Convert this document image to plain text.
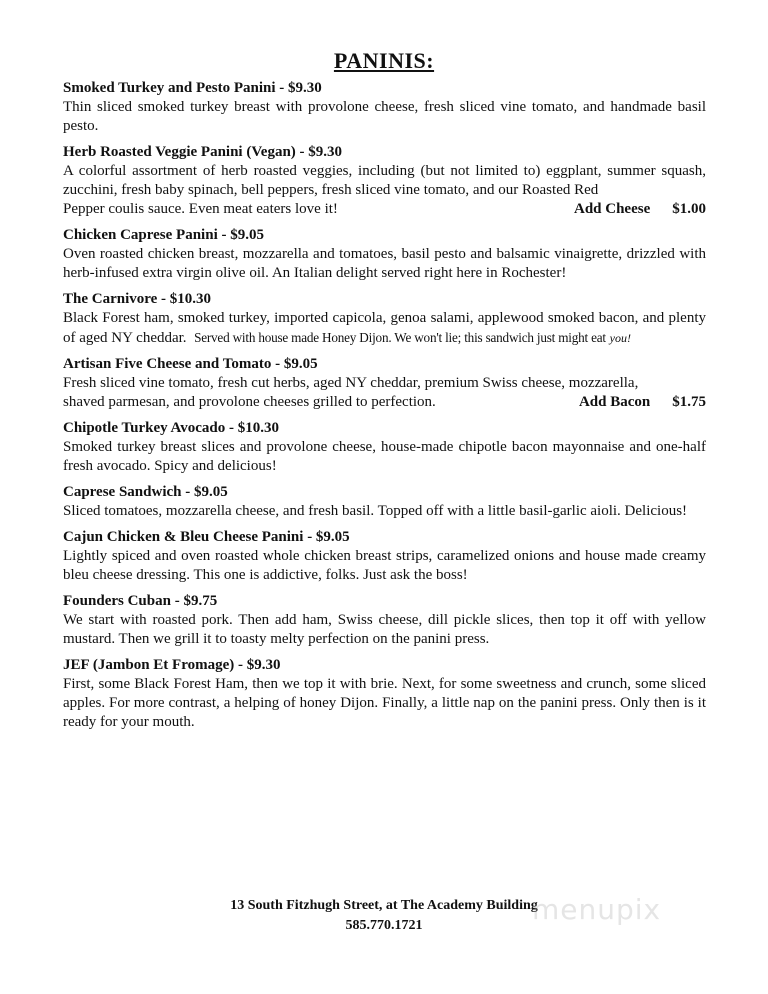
PANINIS:
Smoked Turkey and Pesto Panini - $9.30
Thin sliced smoked turkey breast with provolone cheese, fresh sliced vine tomato, and handmade basil pesto.
Herb Roasted Veggie Panini (Vegan) - $9.30
A colorful assortment of herb roasted veggies, including (but not limited to) eggplant, summer squash, zucchini, fresh baby spinach, bell peppers, fresh sliced vine tomato, and our Roasted Red
Pepper coulis sauce. Even meat eaters love it!	Add Cheese $1.00
Chicken Caprese Panini - $9.05
Oven roasted chicken breast, mozzarella and tomatoes, basil pesto and balsamic vinaigrette, drizzled with herb-infused extra virgin olive oil. An Italian delight served right here in Rochester!
The Carnivore - $10.30
Black Forest ham, smoked turkey, imported capicola, genoa salami, applewood smoked bacon, and plenty of aged NY cheddar. Served with house made Honey Dijon. We won't lie; this sandwich just might eat you!
Artisan Five Cheese and Tomato - $9.05
Fresh sliced vine tomato, fresh cut herbs, aged NY cheddar, premium Swiss cheese, mozzarella,
shaved parmesan, and provolone cheeses grilled to perfection.	Add Bacon $1.75
Chipotle Turkey Avocado - $10.30
Smoked turkey breast slices and provolone cheese, house-made chipotle bacon mayonnaise and one-half fresh avocado. Spicy and delicious!
Caprese Sandwich - $9.05
Sliced tomatoes, mozzarella cheese, and fresh basil. Topped off with a little basil-garlic aioli. Delicious!
Cajun Chicken & Bleu Cheese Panini - $9.05
Lightly spiced and oven roasted whole chicken breast strips, caramelized onions and house made creamy bleu cheese dressing. This one is addictive, folks. Just ask the boss!
Founders Cuban - $9.75
We start with roasted pork. Then add ham, Swiss cheese, dill pickle slices, then top it off with yellow mustard. Then we grill it to toasty melty perfection on the panini press.
JEF (Jambon Et Fromage) - $9.30
First, some Black Forest Ham, then we top it with brie. Next, for some sweetness and crunch, some sliced apples. For more contrast, a helping of honey Dijon. Finally, a little nap on the panini press. Only then is it ready for your mouth.
13 South Fitzhugh Street, at The Academy Building
585.770.1721	menupix
